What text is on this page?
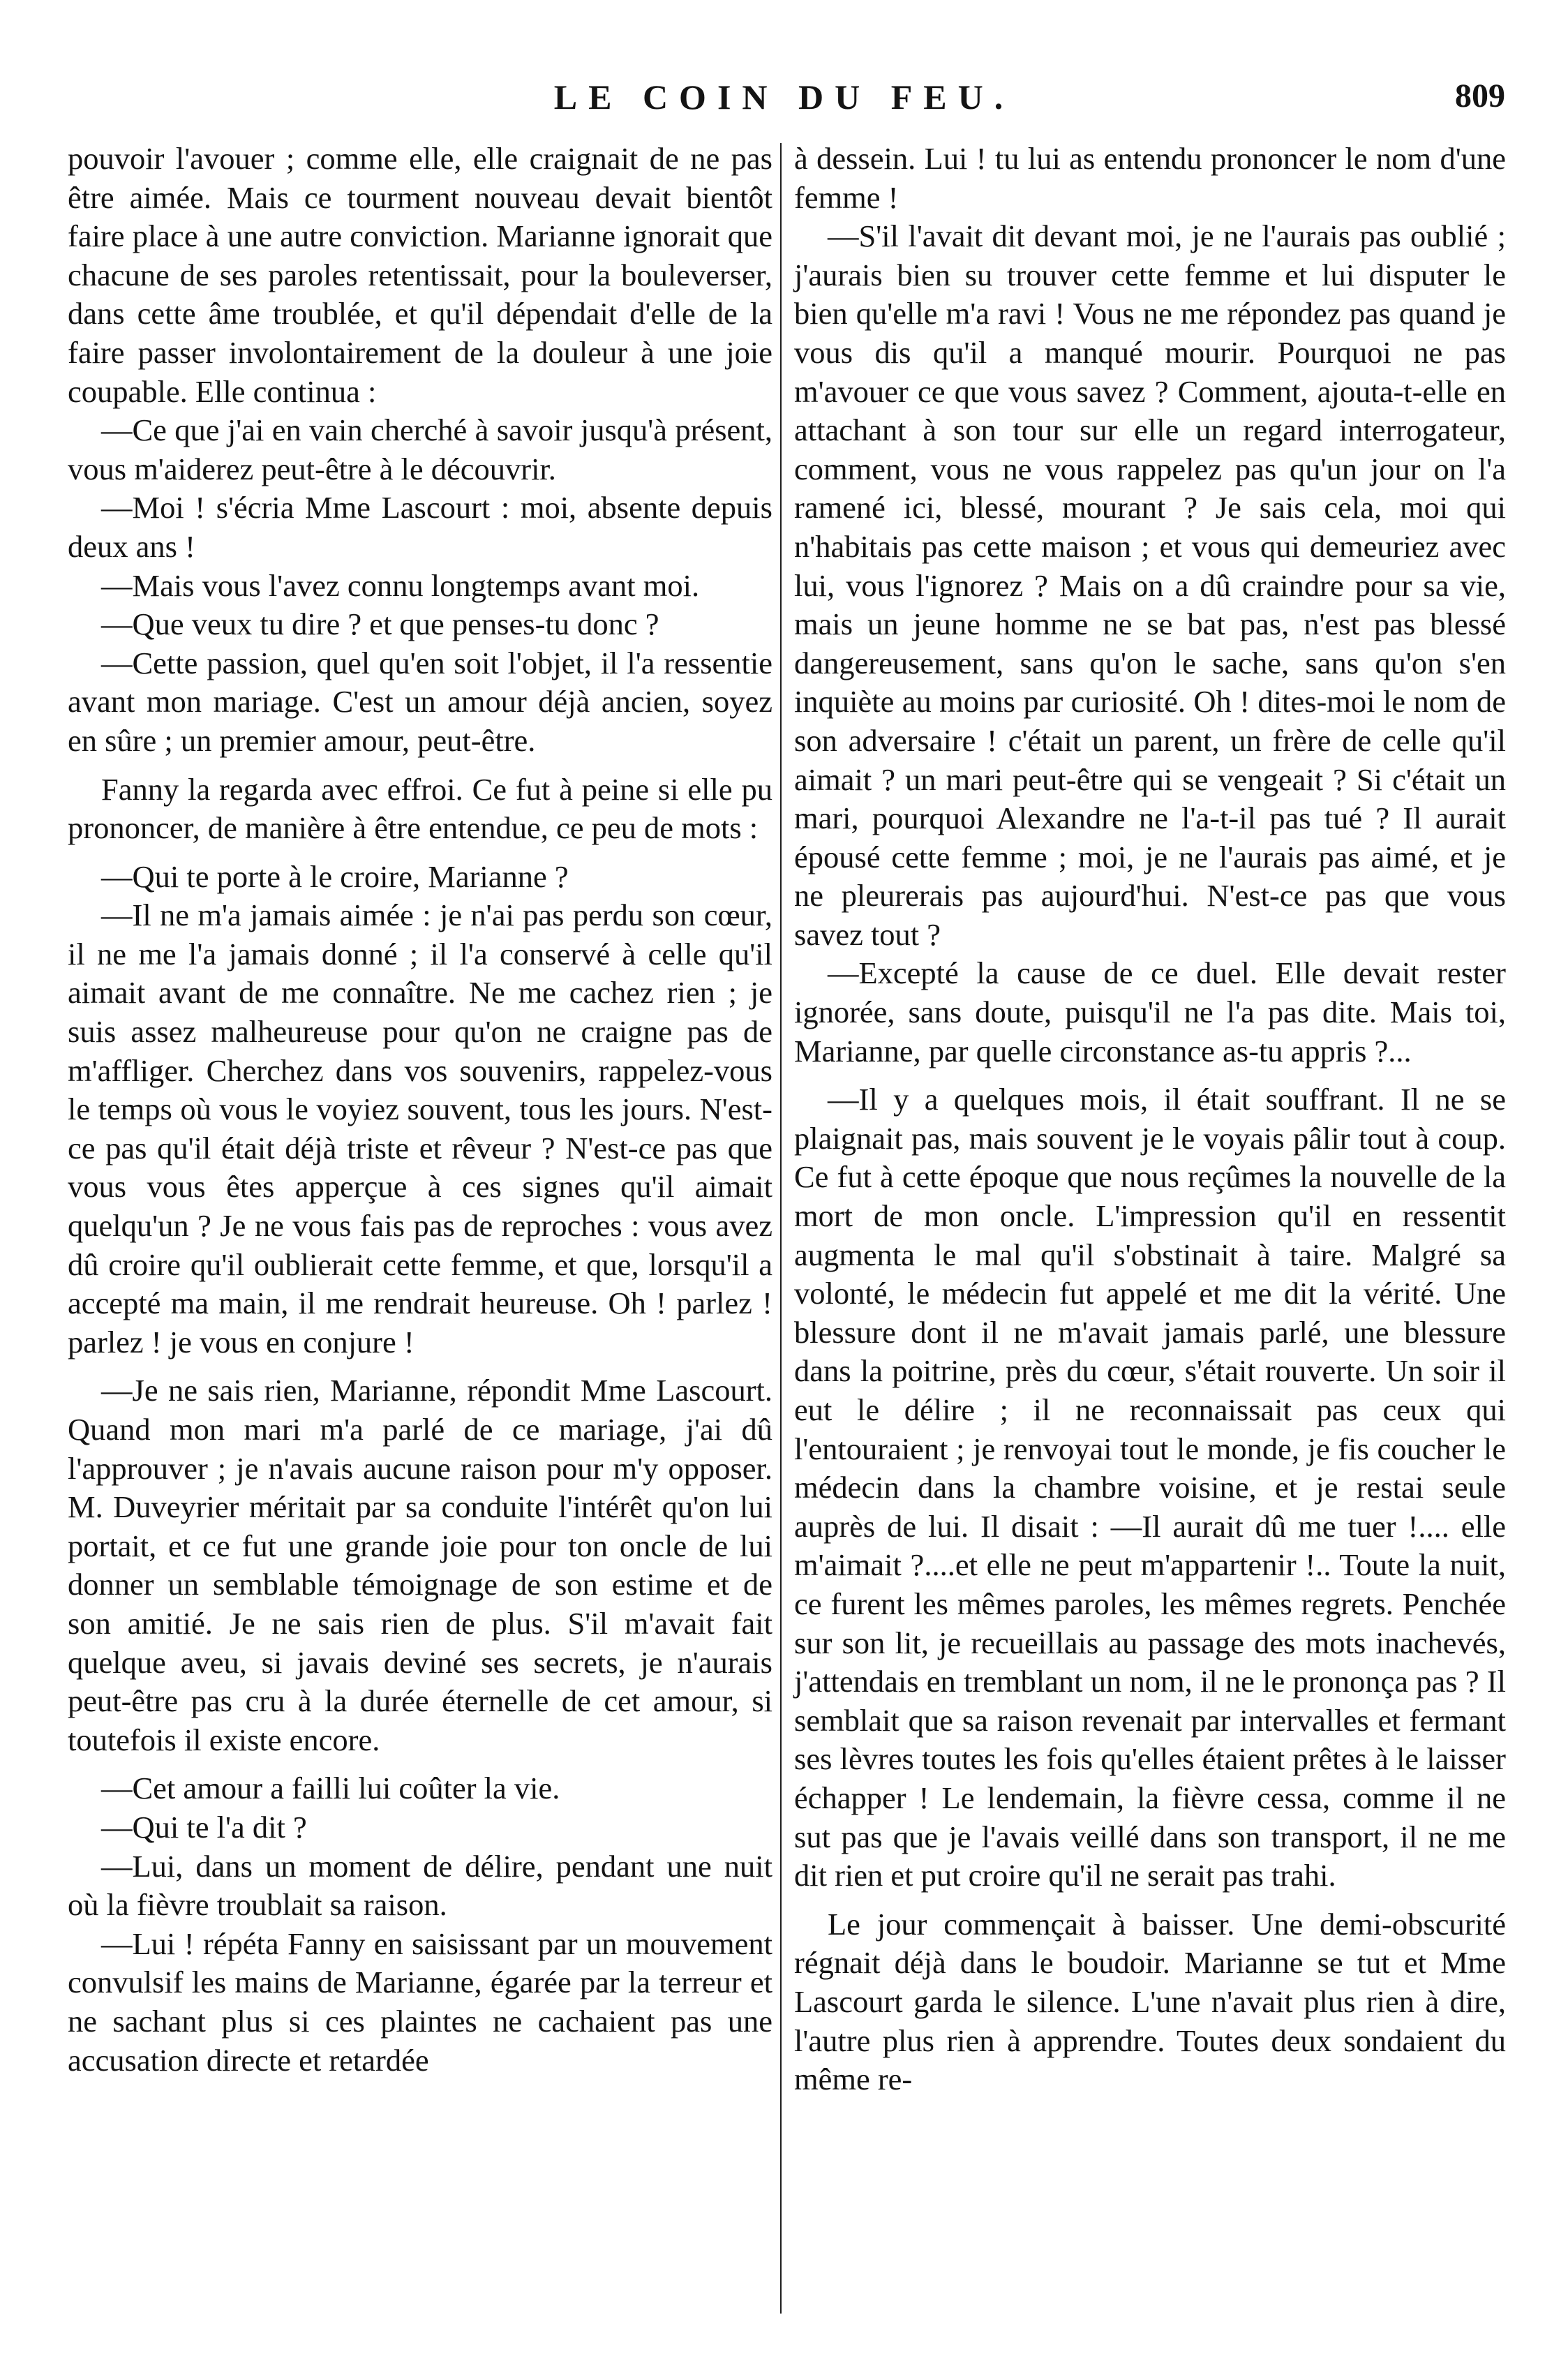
LE COIN DU FEU.	809

pouvoir l'avouer ; comme elle, elle craignait de ne pas être aimée. Mais ce tourment nouveau devait bientôt faire place à une autre conviction. Marianne ignorait que chacune de ses paroles retentissait, pour la bouleverser, dans cette âme troublée, et qu'il dépendait d'elle de la faire passer involontairement de la douleur à une joie coupable. Elle continua :

—Ce que j'ai en vain cherché à savoir jusqu'à présent, vous m'aiderez peut-être à le découvrir.

—Moi ! s'écria Mme Lascourt : moi, absente depuis deux ans !

—Mais vous l'avez connu longtemps avant moi.

—Que veux tu dire ? et que penses-tu donc ?

—Cette passion, quel qu'en soit l'objet, il l'a ressentie avant mon mariage. C'est un amour déjà ancien, soyez en sûre ; un premier amour, peut-être.

Fanny la regarda avec effroi. Ce fut à peine si elle pu prononcer, de manière à être entendue, ce peu de mots :

—Qui te porte à le croire, Marianne ?

—Il ne m'a jamais aimée : je n'ai pas perdu son cœur, il ne me l'a jamais donné ; il l'a conservé à celle qu'il aimait avant de me connaître. Ne me cachez rien ; je suis assez malheureuse pour qu'on ne craigne pas de m'affliger. Cherchez dans vos souvenirs, rappelez-vous le temps où vous le voyiez souvent, tous les jours. N'est-ce pas qu'il était déjà triste et rêveur ? N'est-ce pas que vous vous êtes apperçue à ces signes qu'il aimait quelqu'un ? Je ne vous fais pas de reproches : vous avez dû croire qu'il oublierait cette femme, et que, lorsqu'il a accepté ma main, il me rendrait heureuse. Oh ! parlez ! parlez ! je vous en conjure !

—Je ne sais rien, Marianne, répondit Mme Lascourt. Quand mon mari m'a parlé de ce mariage, j'ai dû l'approuver ; je n'avais aucune raison pour m'y opposer. M. Duveyrier méritait par sa conduite l'intérêt qu'on lui portait, et ce fut une grande joie pour ton oncle de lui donner un semblable témoignage de son estime et de son amitié. Je ne sais rien de plus. S'il m'avait fait quelque aveu, si javais deviné ses secrets, je n'aurais peut-être pas cru à la durée éternelle de cet amour, si toutefois il existe encore.

—Cet amour a failli lui coûter la vie.

—Qui te l'a dit ?

—Lui, dans un moment de délire, pendant une nuit où la fièvre troublait sa raison.

—Lui ! répéta Fanny en saisissant par un mouvement convulsif les mains de Marianne, égarée par la terreur et ne sachant plus si ces plaintes ne cachaient pas une accusation directe et retardée

à dessein. Lui ! tu lui as entendu prononcer le nom d'une femme !

—S'il l'avait dit devant moi, je ne l'aurais pas oublié ; j'aurais bien su trouver cette femme et lui disputer le bien qu'elle m'a ravi ! Vous ne me répondez pas quand je vous dis qu'il a manqué mourir. Pourquoi ne pas m'avouer ce que vous savez ? Comment, ajouta-t-elle en attachant à son tour sur elle un regard interrogateur, comment, vous ne vous rappelez pas qu'un jour on l'a ramené ici, blessé, mourant ? Je sais cela, moi qui n'habitais pas cette maison ; et vous qui demeuriez avec lui, vous l'ignorez ? Mais on a dû craindre pour sa vie, mais un jeune homme ne se bat pas, n'est pas blessé dangereusement, sans qu'on le sache, sans qu'on s'en inquiète au moins par curiosité. Oh ! dites-moi le nom de son adversaire ! c'était un parent, un frère de celle qu'il aimait ? un mari peut-être qui se vengeait ? Si c'était un mari, pourquoi Alexandre ne l'a-t-il pas tué ? Il aurait épousé cette femme ; moi, je ne l'aurais pas aimé, et je ne pleurerais pas aujourd'hui. N'est-ce pas que vous savez tout ?

—Excepté la cause de ce duel. Elle devait rester ignorée, sans doute, puisqu'il ne l'a pas dite. Mais toi, Marianne, par quelle circonstance as-tu appris ?...

—Il y a quelques mois, il était souffrant. Il ne se plaignait pas, mais souvent je le voyais pâlir tout à coup. Ce fut à cette époque que nous reçûmes la nouvelle de la mort de mon oncle. L'impression qu'il en ressentit augmenta le mal qu'il s'obstinait à taire. Malgré sa volonté, le médecin fut appelé et me dit la vérité. Une blessure dont il ne m'avait jamais parlé, une blessure dans la poitrine, près du cœur, s'était rouverte. Un soir il eut le délire ; il ne reconnaissait pas ceux qui l'entouraient ; je renvoyai tout le monde, je fis coucher le médecin dans la chambre voisine, et je restai seule auprès de lui. Il disait : —Il aurait dû me tuer !.... elle m'aimait ?....et elle ne peut m'appartenir !.. Toute la nuit, ce furent les mêmes paroles, les mêmes regrets. Penchée sur son lit, je recueillais au passage des mots inachevés, j'attendais en tremblant un nom, il ne le prononça pas ? Il semblait que sa raison revenait par intervalles et fermant ses lèvres toutes les fois qu'elles étaient prêtes à le laisser échapper ! Le lendemain, la fièvre cessa, comme il ne sut pas que je l'avais veillé dans son transport, il ne me dit rien et put croire qu'il ne serait pas trahi.

Le jour commençait à baisser. Une demi-obscurité régnait déjà dans le boudoir. Marianne se tut et Mme Lascourt garda le silence. L'une n'avait plus rien à dire, l'autre plus rien à apprendre. Toutes deux sondaient du même re-
